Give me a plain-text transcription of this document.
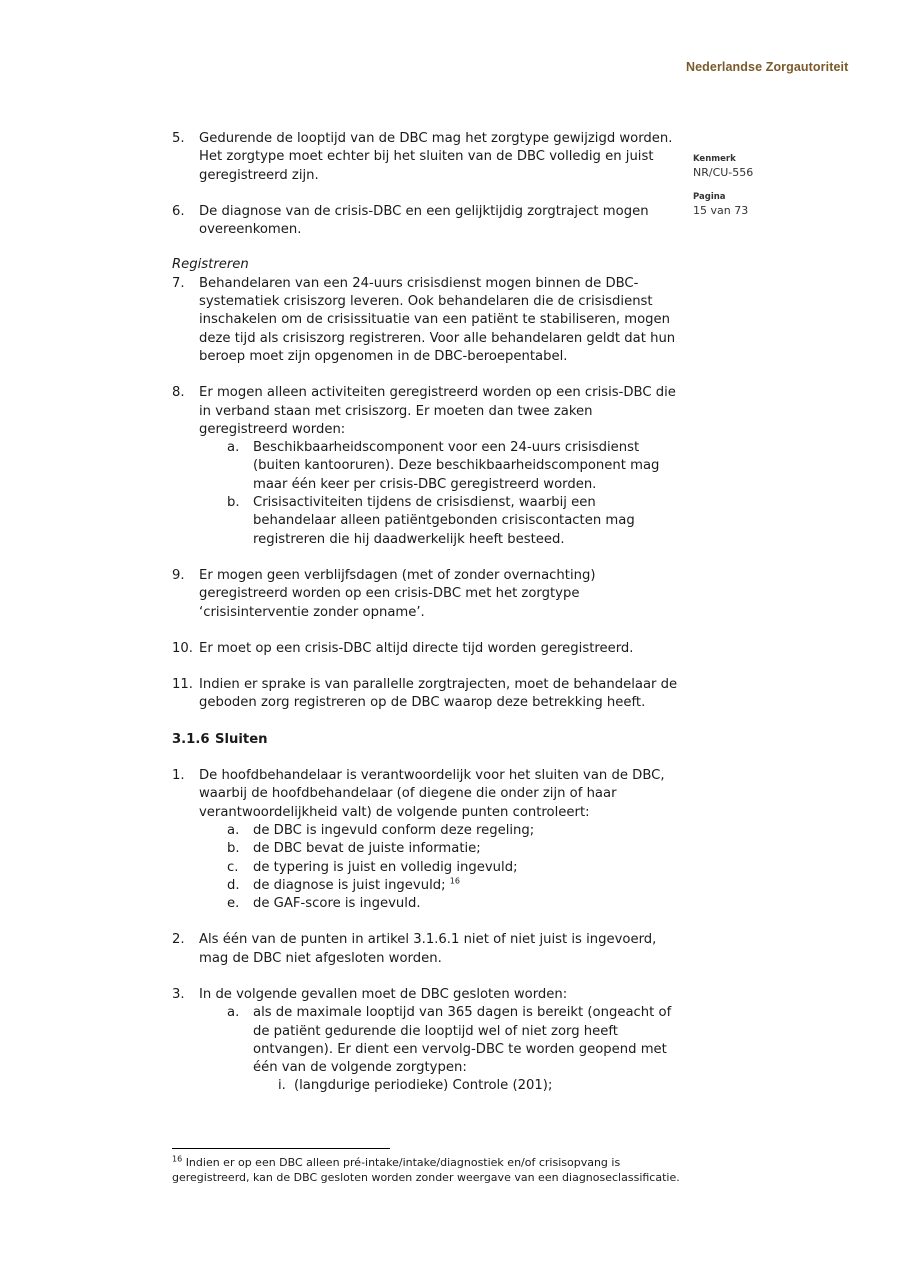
Nederlandse Zorgautoriteit
Kenmerk
NR/CU-556
Pagina
15 van 73
5. Gedurende de looptijd van de DBC mag het zorgtype gewijzigd worden. Het zorgtype moet echter bij het sluiten van de DBC volledig en juist geregistreerd zijn.
6. De diagnose van de crisis-DBC en een gelijktijdig zorgtraject mogen overeenkomen.
Registreren
7. Behandelaren van een 24-uurs crisisdienst mogen binnen de DBC-systematiek crisiszorg leveren. Ook behandelaren die de crisisdienst inschakelen om de crisissituatie van een patiënt te stabiliseren, mogen deze tijd als crisiszorg registreren. Voor alle behandelaren geldt dat hun beroep moet zijn opgenomen in de DBC-beroepentabel.
8. Er mogen alleen activiteiten geregistreerd worden op een crisis-DBC die in verband staan met crisiszorg. Er moeten dan twee zaken geregistreerd worden:
a. Beschikbaarheidscomponent voor een 24-uurs crisisdienst (buiten kantooruren). Deze beschikbaarheidscomponent mag maar één keer per crisis-DBC geregistreerd worden.
b. Crisisactiviteiten tijdens de crisisdienst, waarbij een behandelaar alleen patiëntgebonden crisiscontacten mag registreren die hij daadwerkelijk heeft besteed.
9. Er mogen geen verblijfsdagen (met of zonder overnachting) geregistreerd worden op een crisis-DBC met het zorgtype ‘crisisinterventie zonder opname’.
10. Er moet op een crisis-DBC altijd directe tijd worden geregistreerd.
11. Indien er sprake is van parallelle zorgtrajecten, moet de behandelaar de geboden zorg registreren op de DBC waarop deze betrekking heeft.
3.1.6 Sluiten
1. De hoofdbehandelaar is verantwoordelijk voor het sluiten van de DBC, waarbij de hoofdbehandelaar (of diegene die onder zijn of haar verantwoordelijkheid valt) de volgende punten controleert:
a. de DBC is ingevuld conform deze regeling;
b. de DBC bevat de juiste informatie;
c. de typering is juist en volledig ingevuld;
d. de diagnose is juist ingevuld; $^{16}$
e. de GAF-score is ingevuld.
2. Als één van de punten in artikel 3.1.6.1 niet of niet juist is ingevoerd, mag de DBC niet afgesloten worden.
3. In de volgende gevallen moet de DBC gesloten worden:
a. als de maximale looptijd van 365 dagen is bereikt (ongeacht of de patiënt gedurende die looptijd wel of niet zorg heeft ontvangen). Er dient een vervolg-DBC te worden geopend met één van de volgende zorgtypen:
i. (langdurige periodieke) Controle (201);
$^{16}$ Indien er op een DBC alleen pré-intake/intake/diagnostiek en/of crisisopvang is geregistreerd, kan de DBC gesloten worden zonder weergave van een diagnoseclassificatie.
